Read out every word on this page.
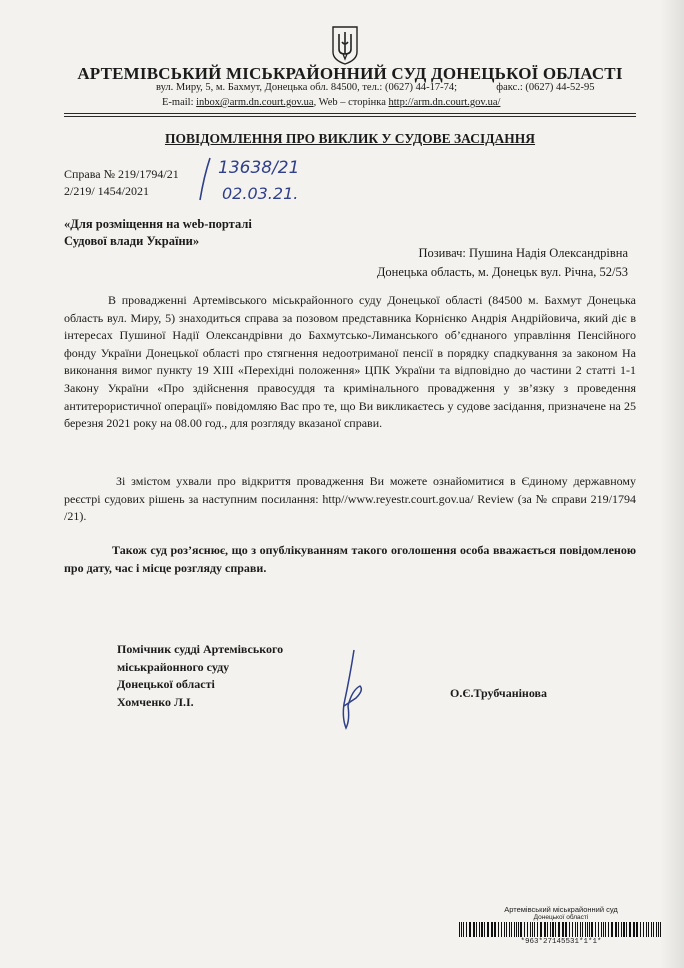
АРТЕМІВСЬКИЙ МІСЬКРАЙОННИЙ СУД ДОНЕЦЬКОЇ ОБЛАСТІ
вул. Миру, 5, м. Бахмут, Донецька обл. 84500, тел.: (0627) 44-17-74;	факс.: (0627) 44-52-95
E-mail: inbox@arm.dn.court.gov.ua, Web – сторінка http://arm.dn.court.gov.ua/
ПОВІДОМЛЕННЯ ПРО ВИКЛИК У СУДОВЕ ЗАСІДАННЯ
Справа № 219/1794/21
2/219/ 1454/2021
13638/21
02.03.21.
«Для розміщення на web-порталі
Судової влади України»
Позивач: Пушина Надія Олександрівна
Донецька область, м. Донецьк вул. Річна, 52/53
В провадженні Артемівського міськрайонного суду Донецької області (84500 м. Бахмут Донецька область вул. Миру, 5) знаходиться справа за позовом представника Корнієнко Андрія Андрійовича, який діє в інтересах Пушиної Надії Олександрівни до Бахмутсько-Лиманського об’єднаного управління Пенсійного фонду України Донецької області про стягнення недоотриманої пенсії в порядку спадкування за законом На виконання вимог пункту 19 XIII «Перехідні положення» ЦПК України та відповідно до частини 2 статті 1-1 Закону України «Про здійснення правосуддя та кримінального провадження у зв’язку з проведення антитерористичної операції» повідомляю Вас про те, що Ви викликаєтесь у судове засідання, призначене на 25 березня 2021 року на 08.00 год., для розгляду вказаної справи.
Зі змістом ухвали про відкриття провадження Ви можете ознайомитися в Єдиному державному реєстрі судових рішень за наступним посилання: http//www.reyestr.court.gov.ua/ Review (за № справи 219/1794 /21).
Також суд роз’яснює, що з опублікуванням такого оголошення особа вважається повідомленою про дату, час і місце розгляду справи.
Помічник судді Артемівського
міськрайонного суду
Донецької області
Хомченко Л.І.
О.Є.Трубчанінова
Артемівський міськрайонний суд
Донецької області
*963*27145531*1*1*
